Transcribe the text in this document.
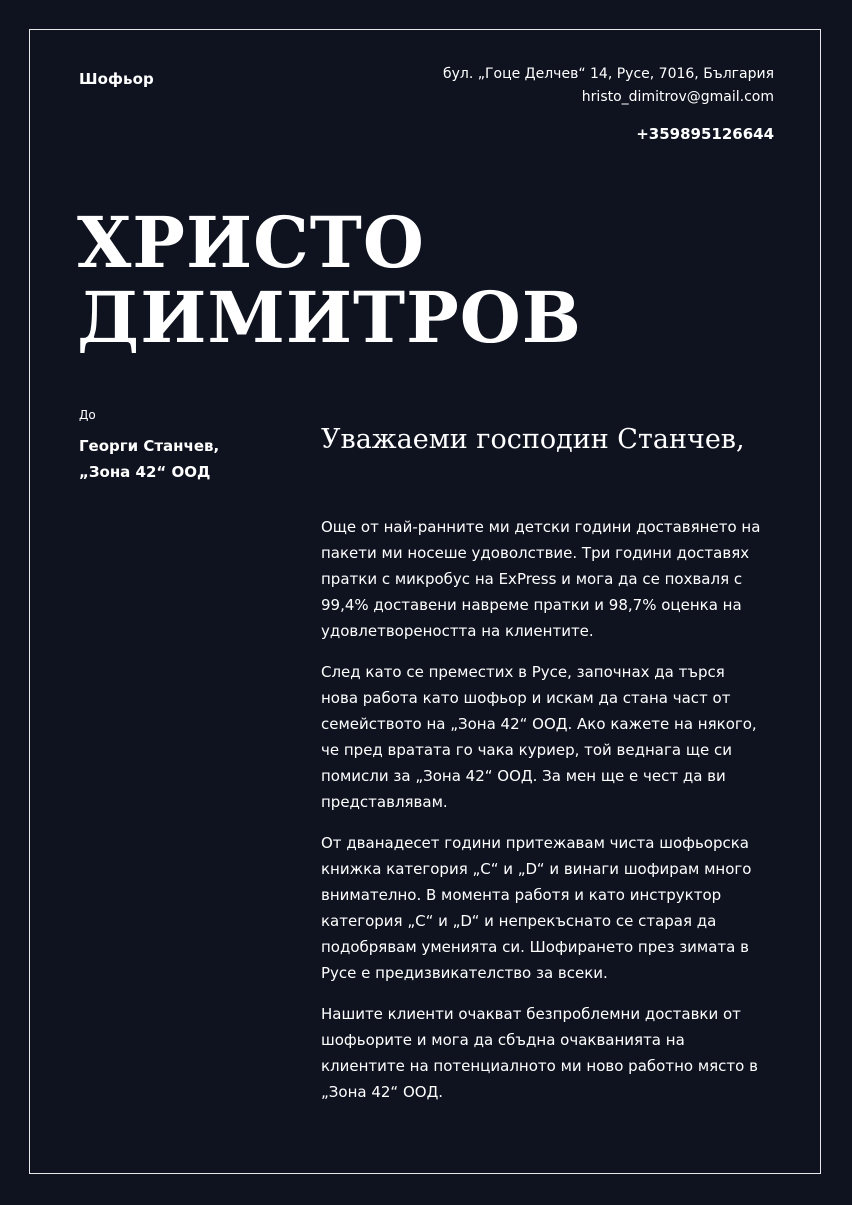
Шофьор	бул. „Гоце Делчев“ 14, Русе, 7016, България
hristo_dimitrov@gmail.com
+359895126644
ХРИСТО
ДИМИТРОВ
До
Георги Станчев,
„Зона 42“ ООД
Уважаеми господин Станчев,

Още от най-ранните ми детски години доставянето на пакети ми носеше удоволствие. Три години доставях пратки с микробус на ExPress и мога да се похваля с 99,4% доставени навреме пратки и 98,7% оценка на удовлетвореността на клиентите.

След като се преместих в Русе, започнах да търся нова работа като шофьор и искам да стана част от семейството на „Зона 42“ ООД. Ако кажете на някого, че пред вратата го чака куриер, той веднага ще си помисли за „Зона 42“ ООД. За мен ще е чест да ви представлявам.

От дванадесет години притежавам чиста шофьорска книжка категория „C“ и „D“ и винаги шофирам много внимателно. В момента работя и като инструктор категория „C“ и „D“ и непрекъснато се старая да подобрявам уменията си. Шофирането през зимата в Русе е предизвикателство за всеки.

Нашите клиенти очакват безпроблемни доставки от шофьорите и мога да сбъдна очакванията на клиентите на потенциалното ми ново работно място в „Зона 42“ ООД.
